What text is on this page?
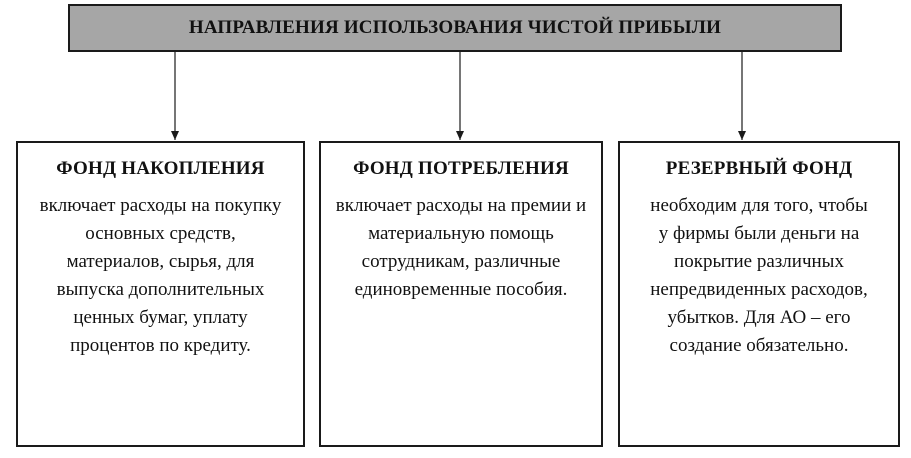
НАПРАВЛЕНИЯ ИСПОЛЬЗОВАНИЯ ЧИСТОЙ ПРИБЫЛИ
ФОНД НАКОПЛЕНИЯ
включает расходы на покупку основных средств, материалов, сырья, для выпуска дополнительных ценных бумаг, уплату процентов по кредиту.
ФОНД ПОТРЕБЛЕНИЯ
включает расходы на премии и материальную помощь сотрудникам, различные единовременные пособия.
РЕЗЕРВНЫЙ ФОНД
необходим для того, чтобы у фирмы были деньги на покрытие различных непредвиденных расходов, убытков. Для АО – его создание обязательно.
